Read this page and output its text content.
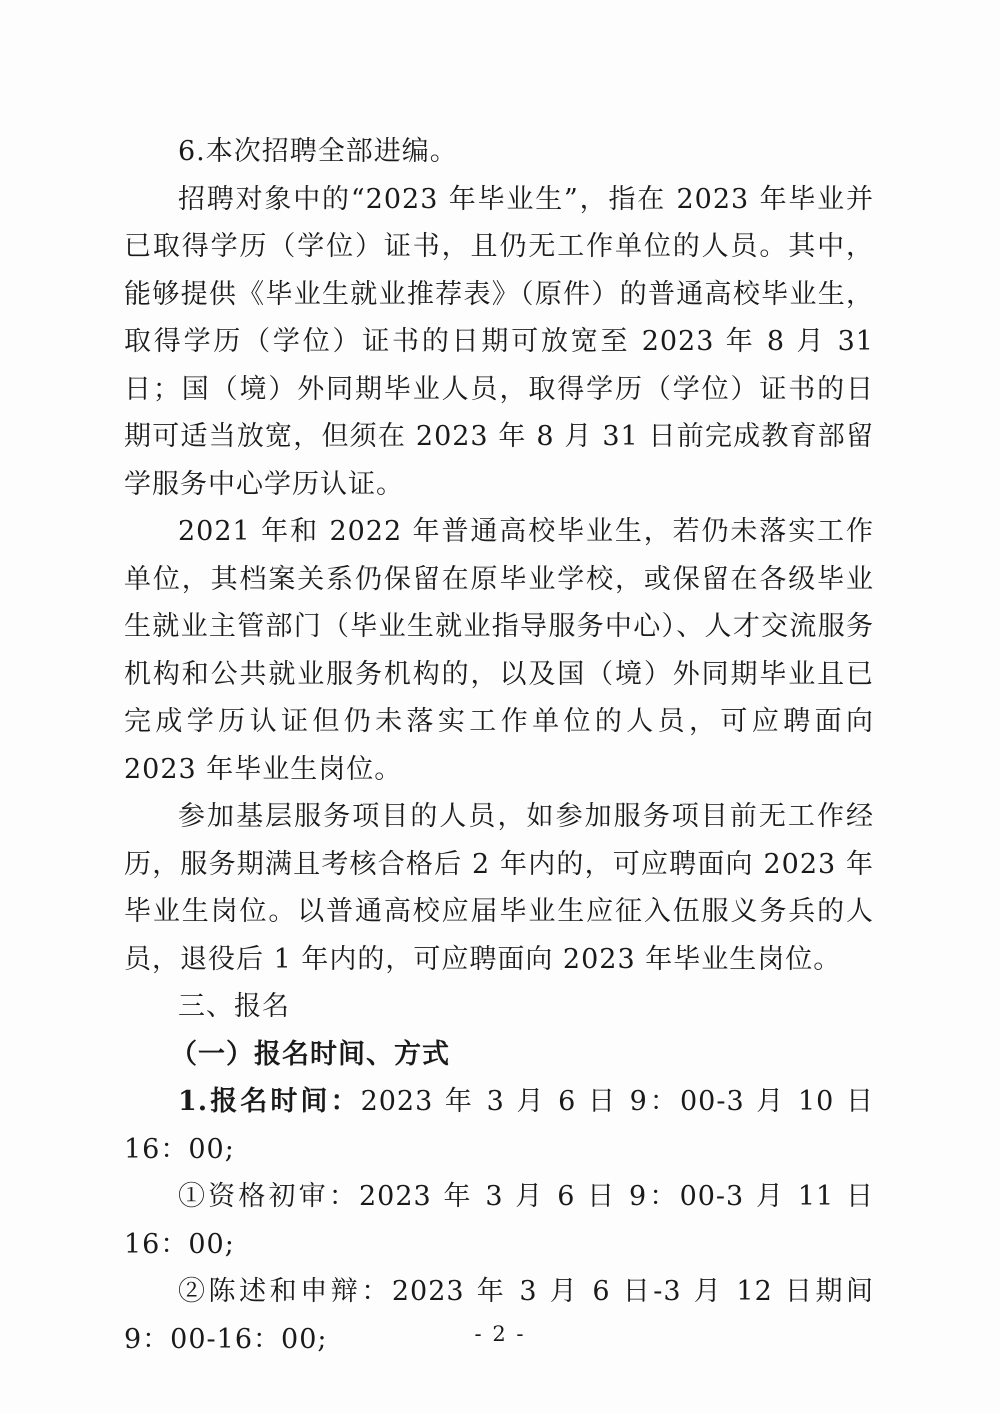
6.本次招聘全部进编。

招聘对象中的“2023 年毕业生”，指在 2023 年毕业并已取得学历（学位）证书，且仍无工作单位的人员。其中，能够提供《毕业生就业推荐表》（原件）的普通高校毕业生，取得学历（学位）证书的日期可放宽至 2023 年 8 月 31 日；国（境）外同期毕业人员，取得学历（学位）证书的日期可适当放宽，但须在 2023 年 8 月 31 日前完成教育部留学服务中心学历认证。

2021 年和 2022 年普通高校毕业生，若仍未落实工作单位，其档案关系仍保留在原毕业学校，或保留在各级毕业生就业主管部门（毕业生就业指导服务中心）、人才交流服务机构和公共就业服务机构的，以及国（境）外同期毕业且已完成学历认证但仍未落实工作单位的人员，可应聘面向 2023 年毕业生岗位。

参加基层服务项目的人员，如参加服务项目前无工作经历，服务期满且考核合格后 2 年内的，可应聘面向 2023 年毕业生岗位。以普通高校应届毕业生应征入伍服义务兵的人员，退役后 1 年内的，可应聘面向 2023 年毕业生岗位。

三、报名

（一）报名时间、方式

1.报名时间：2023 年 3 月 6 日 9：00-3 月 10 日 16：00;

①资格初审：2023 年 3 月 6 日 9：00-3 月 11 日 16：00;

②陈述和申辩：2023 年 3 月 6 日-3 月 12 日期间 9：00-16：00;	- 2 -
